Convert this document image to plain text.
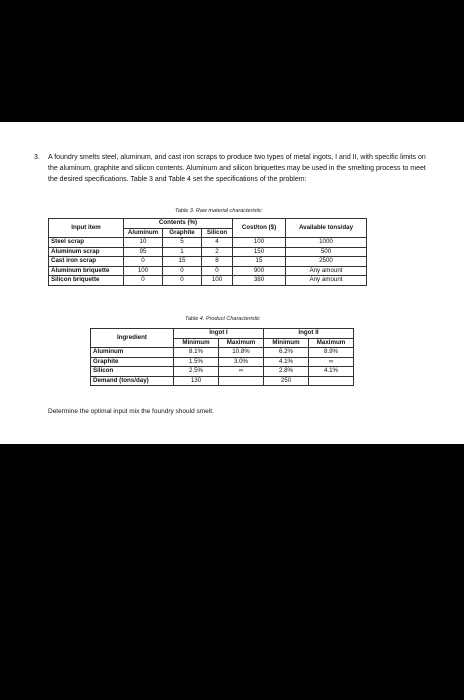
3. A foundry smelts steel, aluminum, and cast iron scraps to produce two types of metal ingots, I and II, with specific limits on the aluminum, graphite and silicon contents. Aluminum and silicon briquettes may be used in the smelting process to meet the desired specifications. Table 3 and Table 4 set the specifications of the problem:
Table 3. Raw material characteristic
Input item	Contents (%)			Cost/ton ($)	Available tons/day
	Aluminum	Graphite	Silicon		
Steel scrap	10	5	4	100	1000
Aluminum scrap	95	1	2	150	500
Cast iron scrap	0	15	8	15	2500
Aluminum briquette	100	0	0	900	Any amount
Silicon briquette	0	0	100	380	Any amount
Table 4. Product Characteristic
Ingredient	Ingot I		Ingot II	
	Minimum	Maximum	Minimum	Maximum
Aluminum	8.1%	10.8%	6.2%	8.9%
Graphite	1.5%	3.0%	4.1%	∞
Silicon	2.5%	∞	2.8%	4.1%
Demand (tons/day)	130		250	
Determine the optimal input mix the foundry should smelt.
